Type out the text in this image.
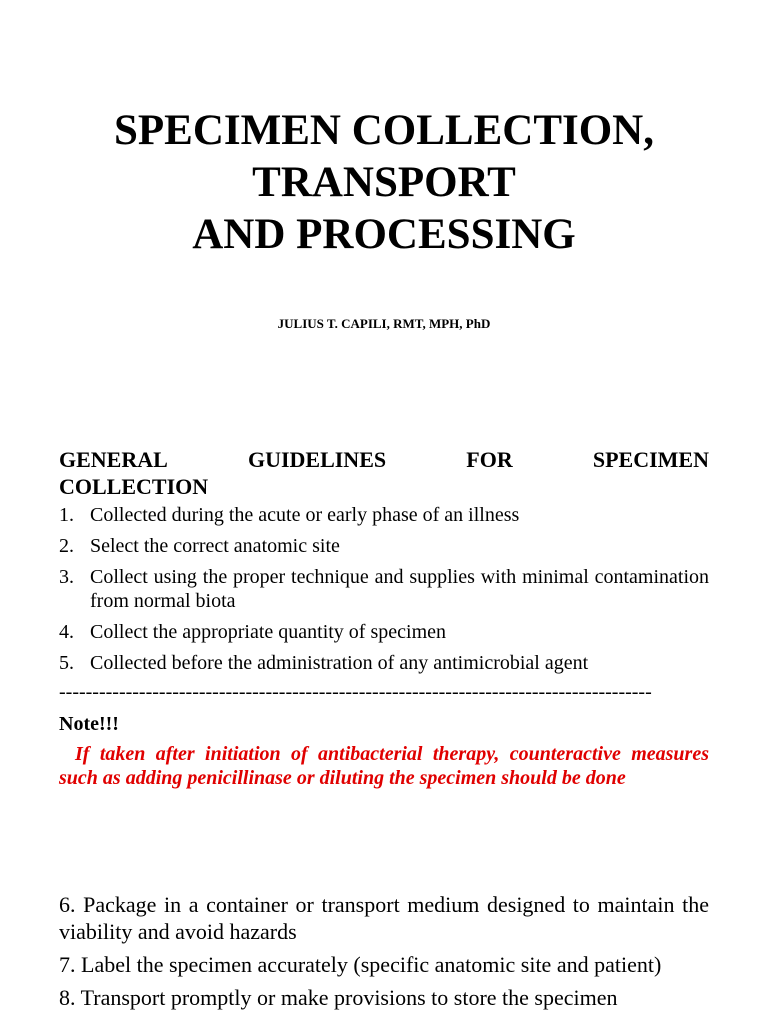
SPECIMEN COLLECTION,
TRANSPORT
AND PROCESSING
JULIUS T. CAPILI, RMT, MPH, PhD
GENERAL	GUIDELINES	FOR	SPECIMEN
COLLECTION
1. Collected during the acute or early phase of an illness
2. Select the correct anatomic site
3. Collect using the proper technique and supplies with minimal contamination from normal biota
4. Collect the appropriate quantity of specimen
5. Collected before the administration of any antimicrobial agent
-----------------------------------------------------------------------------------------
Note!!!
If taken after initiation of antibacterial therapy, counteractive measures such as adding penicillinase or diluting the specimen should be done

6. Package in a container or transport medium designed to maintain the viability and avoid hazards

7. Label the specimen accurately (specific anatomic site and patient)

8. Transport promptly or make provisions to store the specimen
